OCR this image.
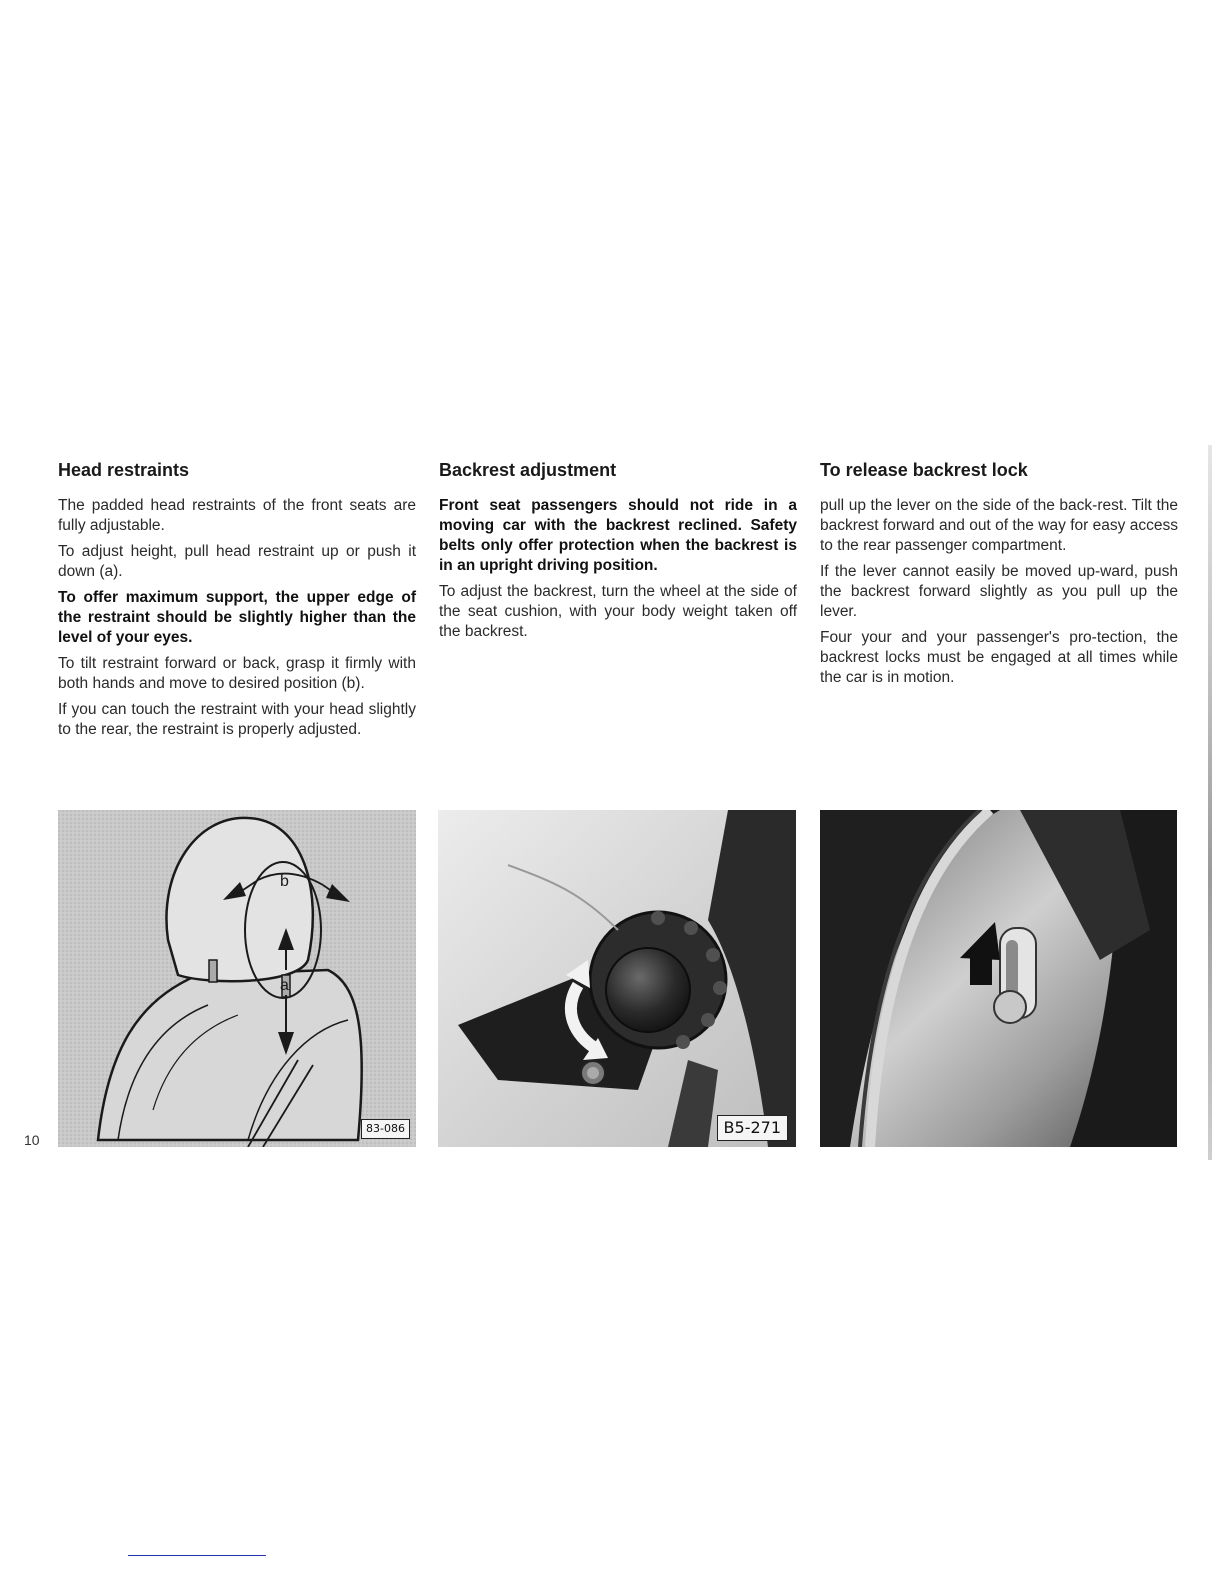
Head restraints

The padded head restraints of the front seats are fully adjustable.

To adjust height, pull head restraint up or push it down (a).

To offer maximum support, the upper edge of the restraint should be slightly higher than the level of your eyes.

To tilt restraint forward or back, grasp it firmly with both hands and move to desired position (b).

If you can touch the restraint with your head slightly to the rear, the restraint is properly adjusted.

Backrest adjustment

Front seat passengers should not ride in a moving car with the backrest reclined. Safety belts only offer protection when the backrest is in an upright driving position.

To adjust the backrest, turn the wheel at the side of the seat cushion, with your body weight taken off the backrest.

To release backrest lock

pull up the lever on the side of the back-rest. Tilt the backrest forward and out of the way for easy access to the rear passenger compartment.

If the lever cannot easily be moved up-ward, push the backrest forward slightly as you pull up the lever.

Four your and your passenger's pro-tection, the backrest locks must be engaged at all times while the car is in motion.

b
a
83-086	B5-271
10
